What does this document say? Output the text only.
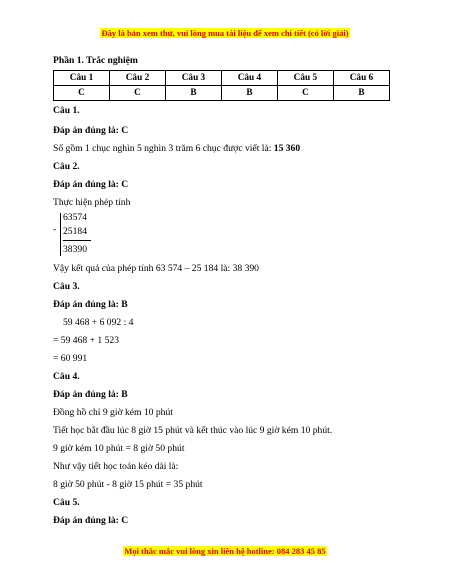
Đây là bản xem thử, vui lòng mua tài liệu để xem chi tiết (có lời giải)
Phần 1. Trắc nghiệm
Câu 1	Câu 2	Câu 3	Câu 4	Câu 5	Câu 6
C	C	B	B	C	B
Câu 1.
Đáp án đúng là: C
Số gồm 1 chục nghìn 5 nghìn 3 trăm 6 chục được viết là: 15 360
Câu 2.
Đáp án đúng là: C
Thực hiện phép tính
-
63574
25184
38390
Vậy kết quả của phép tính 63 574 – 25 184 là: 38 390
Câu 3.
Đáp án đúng là: B
59 468 + 6 092 : 4
= 59 468 + 1 523
= 60 991
Câu 4.
Đáp án đúng là: B
Đồng hồ chỉ 9 giờ kém 10 phút
Tiết học bắt đầu lúc 8 giờ 15 phút và kết thúc vào lúc 9 giờ kém 10 phút.
9 giờ kém 10 phút = 8 giờ 50 phút
Như vậy tiết học toán kéo dài là:
8 giờ 50 phút - 8 giờ 15 phút = 35 phút
Câu 5.
Đáp án đúng là: C
Mọi thắc mắc vui lòng xin liên hệ hotline: 084 283 45 85
